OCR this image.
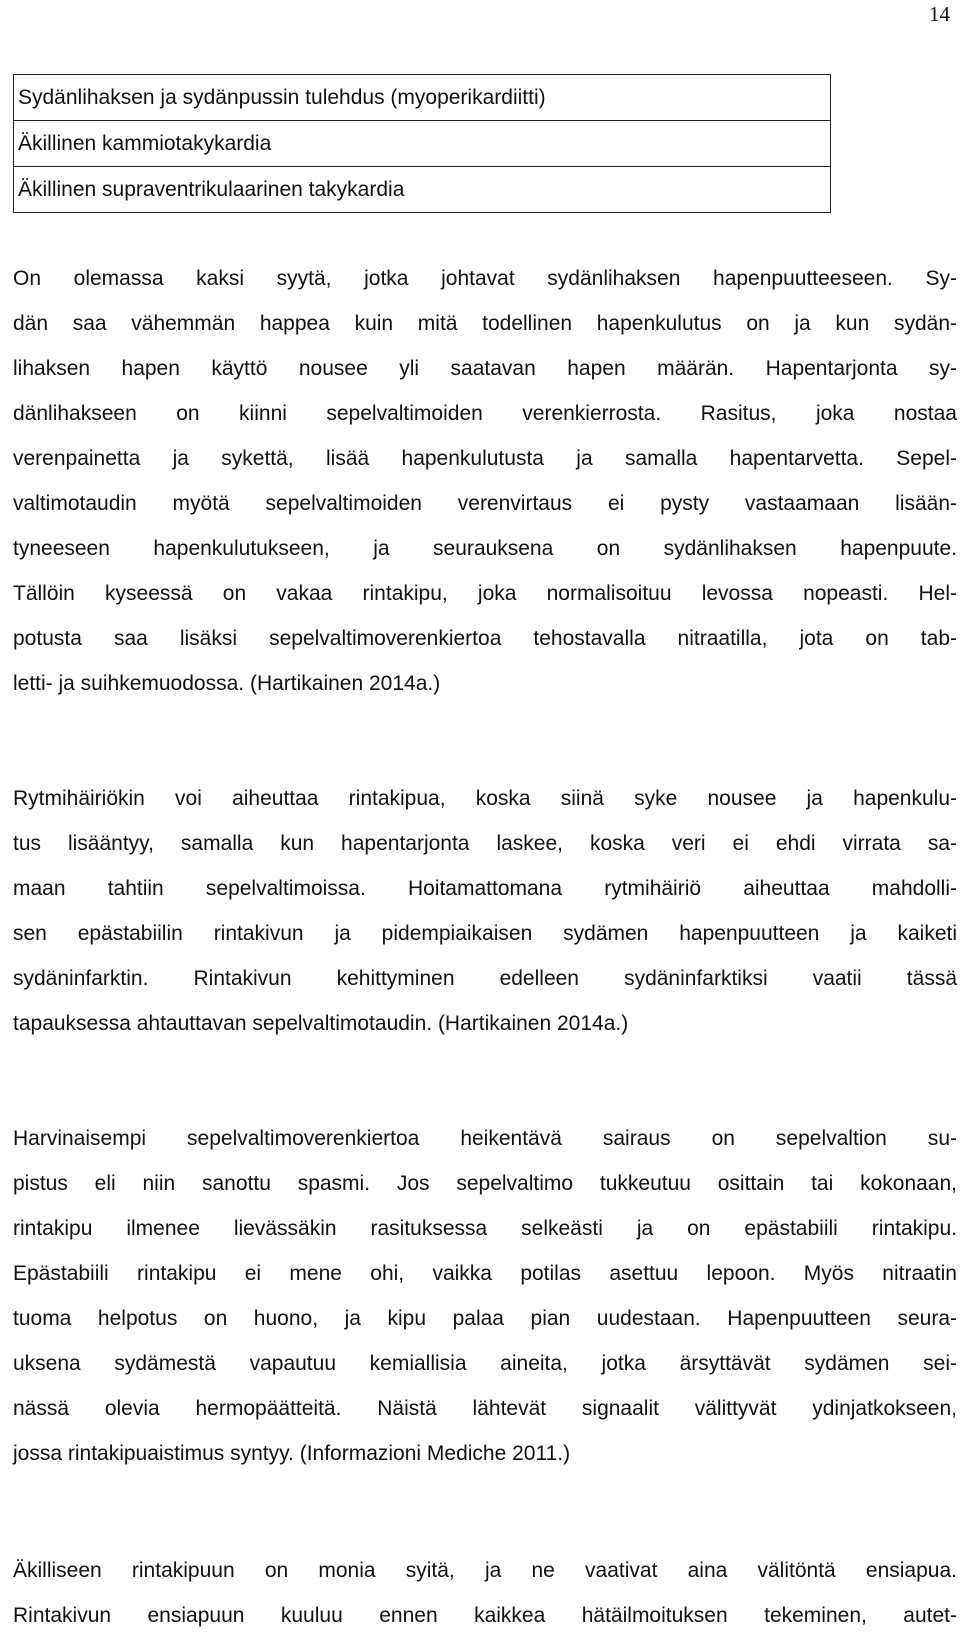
14
Sydänlihaksen ja sydänpussin tulehdus (myoperikardiitti)
Äkillinen kammiotakykardia
Äkillinen supraventrikulaarinen takykardia
On olemassa kaksi syytä, jotka johtavat sydänlihaksen hapenpuutteeseen. Sy-
dän saa vähemmän happea kuin mitä todellinen hapenkulutus on ja kun sydän-
lihaksen hapen käyttö nousee yli saatavan hapen määrän. Hapentarjonta sy-
dänlihakseen on kiinni sepelvaltimoiden verenkierrosta. Rasitus, joka nostaa
verenpainetta ja sykettä, lisää hapenkulutusta ja samalla hapentarvetta. Sepel-
valtimotaudin myötä sepelvaltimoiden verenvirtaus ei pysty vastaamaan lisään-
tyneeseen hapenkulutukseen, ja seurauksena on sydänlihaksen hapenpuute.
Tällöin kyseessä on vakaa rintakipu, joka normalisoituu levossa nopeasti. Hel-
potusta saa lisäksi sepelvaltimoverenkiertoa tehostavalla nitraatilla, jota on tab-
letti- ja suihkemuodossa. (Hartikainen 2014a.)
Rytmihäiriökin voi aiheuttaa rintakipua, koska siinä syke nousee ja hapenkulu-
tus lisääntyy, samalla kun hapentarjonta laskee, koska veri ei ehdi virrata sa-
maan tahtiin sepelvaltimoissa. Hoitamattomana rytmihäiriö aiheuttaa mahdolli-
sen epästabiilin rintakivun ja pidempiaikaisen sydämen hapenpuutteen ja kaiketi
sydäninfarktin. Rintakivun kehittyminen edelleen sydäninfarktiksi vaatii tässä
tapauksessa ahtauttavan sepelvaltimotaudin. (Hartikainen 2014a.)
Harvinaisempi sepelvaltimoverenkiertoa heikentävä sairaus on sepelvaltion su-
pistus eli niin sanottu spasmi. Jos sepelvaltimo tukkeutuu osittain tai kokonaan,
rintakipu ilmenee lievässäkin rasituksessa selkeästi ja on epästabiili rintakipu.
Epästabiili rintakipu ei mene ohi, vaikka potilas asettuu lepoon. Myös nitraatin
tuoma helpotus on huono, ja kipu palaa pian uudestaan. Hapenpuutteen seura-
uksena sydämestä vapautuu kemiallisia aineita, jotka ärsyttävät sydämen sei-
nässä olevia hermopäätteitä. Näistä lähtevät signaalit välittyvät ydinjatkokseen,
jossa rintakipuaistimus syntyy. (Informazioni Mediche 2011.)
Äkilliseen rintakipuun on monia syitä, ja ne vaativat aina välitöntä ensiapua.
Rintakivun ensiapuun kuuluu ennen kaikkea hätäilmoituksen tekeminen, autet-
